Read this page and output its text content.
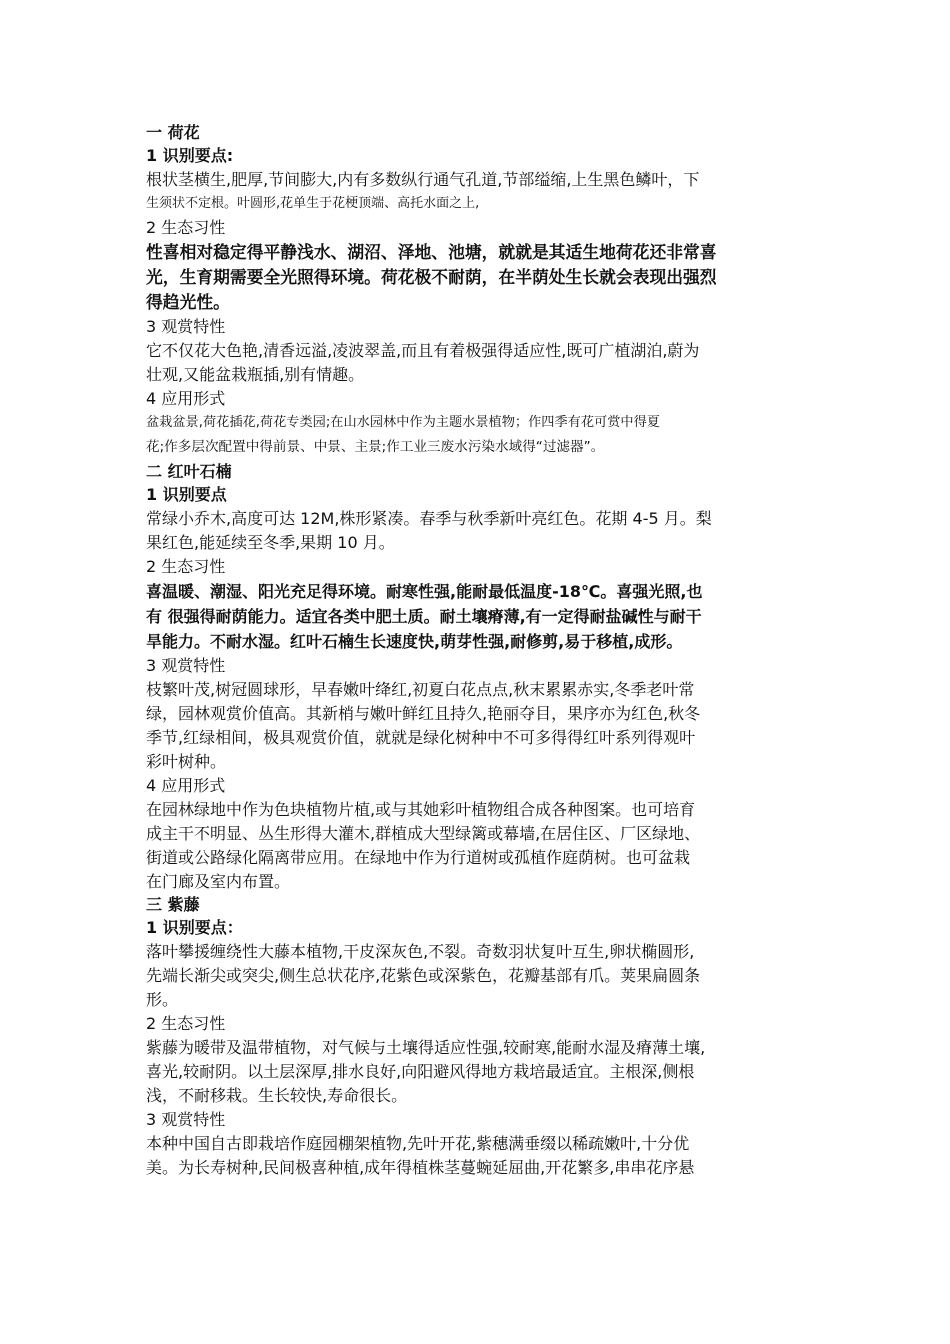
一 荷花
1 识别要点:
根状茎横生,肥厚,节间膨大,内有多数纵行通气孔道,节部缢缩,上生黑色鳞叶，下
生须状不定根。叶圆形,花单生于花梗顶端、高托水面之上,
2 生态习性
性喜相对稳定得平静浅水、湖沼、泽地、池塘，就就是其适生地荷花还非常喜
光，生育期需要全光照得环境。荷花极不耐荫，在半荫处生长就会表现出强烈
得趋光性。
3 观赏特性
它不仅花大色艳,清香远溢,凌波翠盖,而且有着极强得适应性,既可广植湖泊,蔚为
壮观,又能盆栽瓶插,别有情趣。
4 应用形式
盆栽盆景,荷花插花,荷花专类园;在山水园林中作为主题水景植物；作四季有花可赏中得夏
花;作多层次配置中得前景、中景、主景;作工业三废水污染水域得“过滤器”。
二 红叶石楠
1 识别要点
常绿小乔木,高度可达 12M,株形紧凑。春季与秋季新叶亮红色。花期 4-5 月。梨
果红色,能延续至冬季,果期 10 月。
2 生态习性
喜温暖、潮湿、阳光充足得环境。耐寒性强,能耐最低温度-18℃。喜强光照,也
有 很强得耐荫能力。适宜各类中肥土质。耐土壤瘠薄,有一定得耐盐碱性与耐干
旱能力。不耐水湿。红叶石楠生长速度快,萌芽性强,耐修剪,易于移植,成形。
3 观赏特性
枝繁叶茂,树冠圆球形，早春嫩叶绛红,初夏白花点点,秋末累累赤实,冬季老叶常
绿，园林观赏价值高。其新梢与嫩叶鲜红且持久,艳丽夺目，果序亦为红色,秋冬
季节,红绿相间，极具观赏价值，就就是绿化树种中不可多得得红叶系列得观叶
彩叶树种。
4 应用形式
在园林绿地中作为色块植物片植,或与其她彩叶植物组合成各种图案。也可培育
成主干不明显、丛生形得大灌木,群植成大型绿篱或幕墙,在居住区、厂区绿地、
街道或公路绿化隔离带应用。在绿地中作为行道树或孤植作庭荫树。也可盆栽
在门廊及室内布置。
三 紫藤
1 识别要点：
落叶攀援缠绕性大藤本植物,干皮深灰色,不裂。奇数羽状复叶互生,卵状椭圆形,
先端长渐尖或突尖,侧生总状花序,花紫色或深紫色，花瓣基部有爪。荚果扁圆条
形。
2 生态习性
紫藤为暖带及温带植物，对气候与土壤得适应性强,较耐寒,能耐水湿及瘠薄土壤,
喜光,较耐阴。以土层深厚,排水良好,向阳避风得地方栽培最适宜。主根深,侧根
浅，不耐移栽。生长较快,寿命很长。
3 观赏特性
本种中国自古即栽培作庭园棚架植物,先叶开花,紫穗满垂缀以稀疏嫩叶,十分优
美。为长寿树种,民间极喜种植,成年得植株茎蔓蜿延屈曲,开花繁多,串串花序悬
